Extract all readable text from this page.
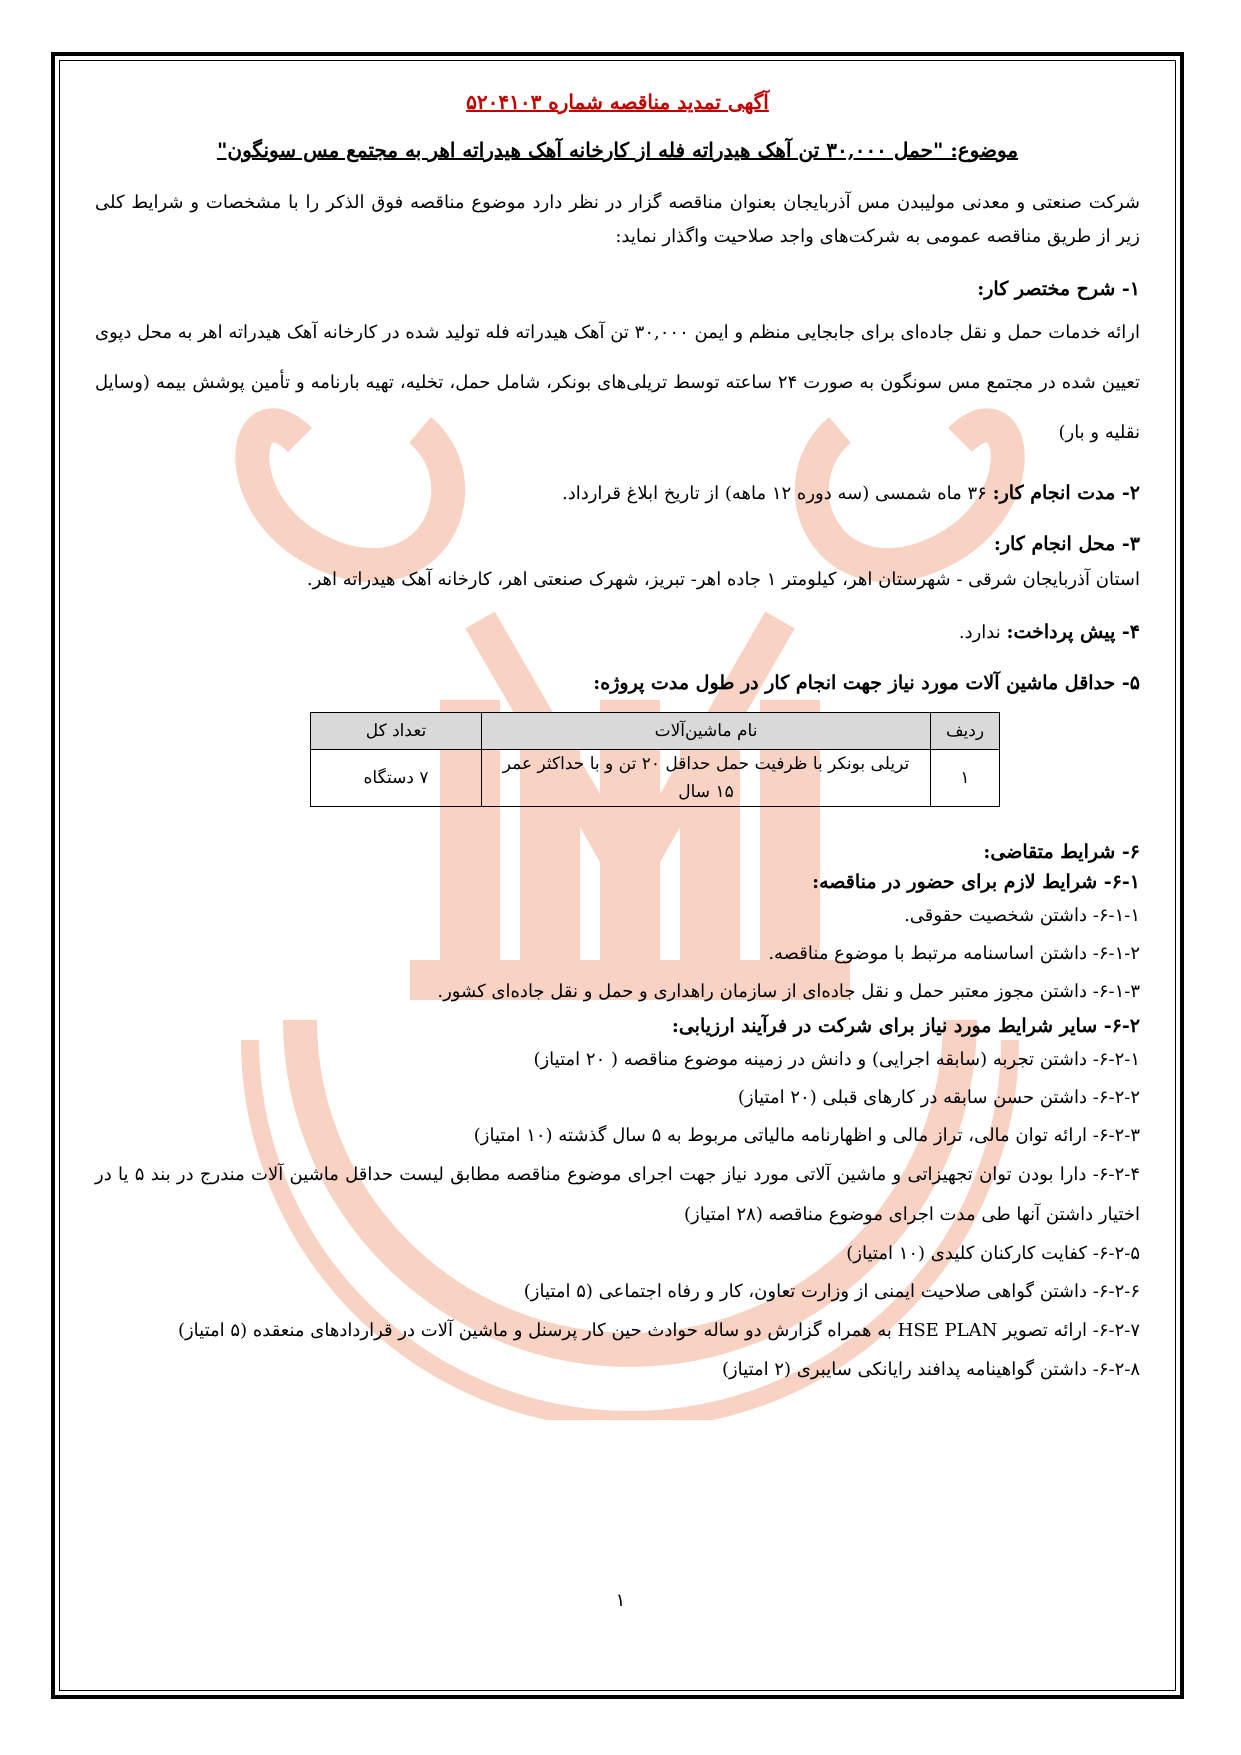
آگهی تمدید مناقصه شماره ۵۲۰۴۱۰۳
موضوع: "حمل ۳۰,۰۰۰ تن آهک هیدراته فله از کارخانه آهک هیدراته اهر به مجتمع مس سونگون"

شرکت صنعتی و معدنی مولیبدن مس آذربایجان بعنوان مناقصه گزار در نظر دارد موضوع مناقصه فوق الذکر را با مشخصات و شرایط کلی زیر از طریق مناقصه عمومی به شرکت‌های واجد صلاحیت واگذار نماید:

۱- شرح مختصر کار:

ارائه خدمات حمل و نقل جاده‌ای برای جابجایی منظم و ایمن ۳۰,۰۰۰ تن آهک هیدراته فله تولید شده در کارخانه آهک هیدراته اهر به محل دپوی تعیین شده در مجتمع مس سونگون به صورت ۲۴ ساعته توسط تریلی‌های بونکر، شامل حمل، تخلیه، تهیه بارنامه و تأمین پوشش بیمه (وسایل نقلیه و بار)

۲- مدت انجام کار: ۳۶ ماه شمسی (سه دوره ۱۲ ماهه) از تاریخ ابلاغ قرارداد.
۳- محل انجام کار:

استان آذربایجان شرقی - شهرستان اهر، کیلومتر ۱ جاده اهر- تبریز، شهرک صنعتی اهر، کارخانه آهک هیدراته اهر.

۴- پیش پرداخت: ندارد.
۵- حداقل ماشین آلات مورد نیاز جهت انجام کار در طول مدت پروژه:
ردیف	نام ماشین‌آلات	تعداد کل
۱	تریلی بونکر با ظرفیت حمل حداقل ۲۰ تن و با حداکثر عمر ۱۵ سال	۷ دستگاه

۶- شرایط متقاضی:

۶-۱- شرایط لازم برای حضور در مناقصه:

۶-۱-۱- داشتن شخصیت حقوقی.

۶-۱-۲- داشتن اساسنامه مرتبط با موضوع مناقصه.

۶-۱-۳- داشتن مجوز معتبر حمل و نقل جاده‌ای از سازمان راهداری و حمل و نقل جاده‌ای کشور.

۶-۲- سایر شرایط مورد نیاز برای شرکت در فرآیند ارزیابی:

۶-۲-۱- داشتن تجربه (سابقه اجرایی) و دانش در زمینه موضوع مناقصه ( ۲۰ امتیاز)

۶-۲-۲- داشتن حسن سابقه در کارهای قبلی (۲۰ امتیاز)

۶-۲-۳- ارائه توان مالی، تراز مالی و اظهارنامه مالیاتی مربوط به ۵ سال گذشته (۱۰ امتیاز)

۶-۲-۴- دارا بودن توان تجهیزاتی و ماشین آلاتی مورد نیاز جهت اجرای موضوع مناقصه مطابق لیست حداقل ماشین آلات مندرج در بند ۵ یا در اختیار داشتن آنها طی مدت اجرای موضوع مناقصه (۲۸ امتیاز)

۶-۲-۵- کفایت کارکنان کلیدی (۱۰ امتیاز)

۶-۲-۶- داشتن گواهی صلاحیت ایمنی از وزارت تعاون، کار و رفاه اجتماعی (۵ امتیاز)

۶-۲-۷- ارائه تصویر HSE PLAN به همراه گزارش دو ساله حوادث حین کار پرسنل و ماشین آلات در قراردادهای منعقده (۵ امتیاز)

۶-۲-۸- داشتن گواهینامه پدافند رایانکی سایبری (۲ امتیاز)

۱
